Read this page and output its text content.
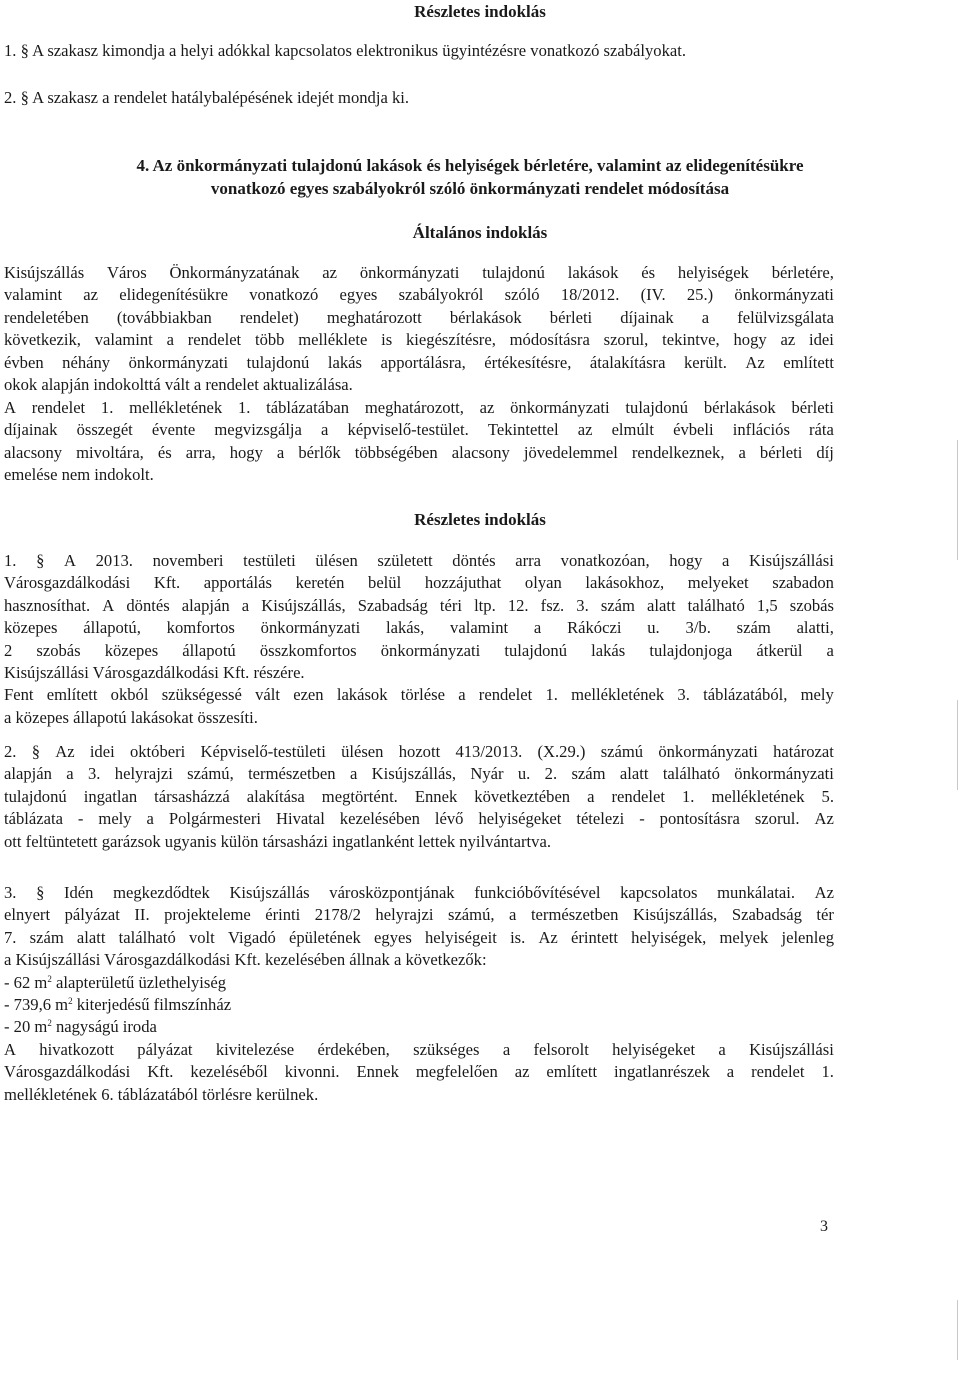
Részletes indoklás
1. § A szakasz kimondja a helyi adókkal kapcsolatos elektronikus ügyintézésre vonatkozó szabályokat.
2. § A szakasz a rendelet hatálybalépésének idejét mondja ki.
4. Az önkormányzati tulajdonú lakások és helyiségek bérletére, valamint az elidegenítésükre
vonatkozó egyes szabályokról szóló önkormányzati rendelet módosítása
Általános indoklás
Kisújszállás Város Önkormányzatának az önkormányzati tulajdonú lakások és helyiségek bérletére,
valamint az elidegenítésükre vonatkozó egyes szabályokról szóló 18/2012. (IV. 25.) önkormányzati
rendeletében (továbbiakban rendelet) meghatározott bérlakások bérleti díjainak a felülvizsgálata
következik, valamint a rendelet több melléklete is kiegészítésre, módosításra szorul, tekintve, hogy az idei
évben néhány önkormányzati tulajdonú lakás apportálásra, értékesítésre, átalakításra került. Az említett
okok alapján indokolttá vált a rendelet aktualizálása.
A rendelet 1. mellékletének 1. táblázatában meghatározott, az önkormányzati tulajdonú bérlakások bérleti
díjainak összegét évente megvizsgálja a képviselő-testület. Tekintettel az elmúlt évbeli inflációs ráta
alacsony mivoltára, és arra, hogy a bérlők többségében alacsony jövedelemmel rendelkeznek, a bérleti díj
emelése nem indokolt.
Részletes indoklás
1. § A 2013. novemberi testületi ülésen született döntés arra vonatkozóan, hogy a Kisújszállási
Városgazdálkodási Kft. apportálás keretén belül hozzájuthat olyan lakásokhoz, melyeket szabadon
hasznosíthat. A döntés alapján a Kisújszállás, Szabadság téri ltp. 12. fsz. 3. szám alatt található 1,5 szobás
közepes állapotú, komfortos önkormányzati lakás, valamint a Rákóczi u. 3/b. szám alatti,
2 szobás közepes állapotú összkomfortos önkormányzati tulajdonú lakás tulajdonjoga átkerül a
Kisújszállási Városgazdálkodási Kft. részére.
Fent említett okból szükségessé vált ezen lakások törlése a rendelet 1. mellékletének 3. táblázatából, mely
a közepes állapotú lakásokat összesíti.
2. § Az idei októberi Képviselő-testületi ülésen hozott 413/2013. (X.29.) számú önkormányzati határozat
alapján a 3. helyrajzi számú, természetben a Kisújszállás, Nyár u. 2. szám alatt található önkormányzati
tulajdonú ingatlan társasházzá alakítása megtörtént. Ennek következtében a rendelet 1. mellékletének 5.
táblázata - mely a Polgármesteri Hivatal kezelésében lévő helyiségeket tételezi - pontosításra szorul. Az
ott feltüntetett garázsok ugyanis külön társasházi ingatlanként lettek nyilvántartva.
3. § Idén megkezdődtek Kisújszállás városközpontjának funkcióbővítésével kapcsolatos munkálatai. Az
elnyert pályázat II. projekteleme érinti 2178/2 helyrajzi számú, a természetben Kisújszállás, Szabadság tér
7. szám alatt található volt Vigadó épületének egyes helyiségeit is. Az érintett helyiségek, melyek jelenleg
a Kisújszállási Városgazdálkodási Kft. kezelésében állnak a következők:
- 62 $m^2$ alapterületű üzlethelyiség
- 739,6 $m^2$ kiterjedésű filmszínház
- 20 $m^2$ nagyságú iroda
A hivatkozott pályázat kivitelezése érdekében, szükséges a felsorolt helyiségeket a Kisújszállási
Városgazdálkodási Kft. kezeléséből kivonni. Ennek megfelelően az említett ingatlanrészek a rendelet 1.
mellékletének 6. táblázatából törlésre kerülnek.
3
